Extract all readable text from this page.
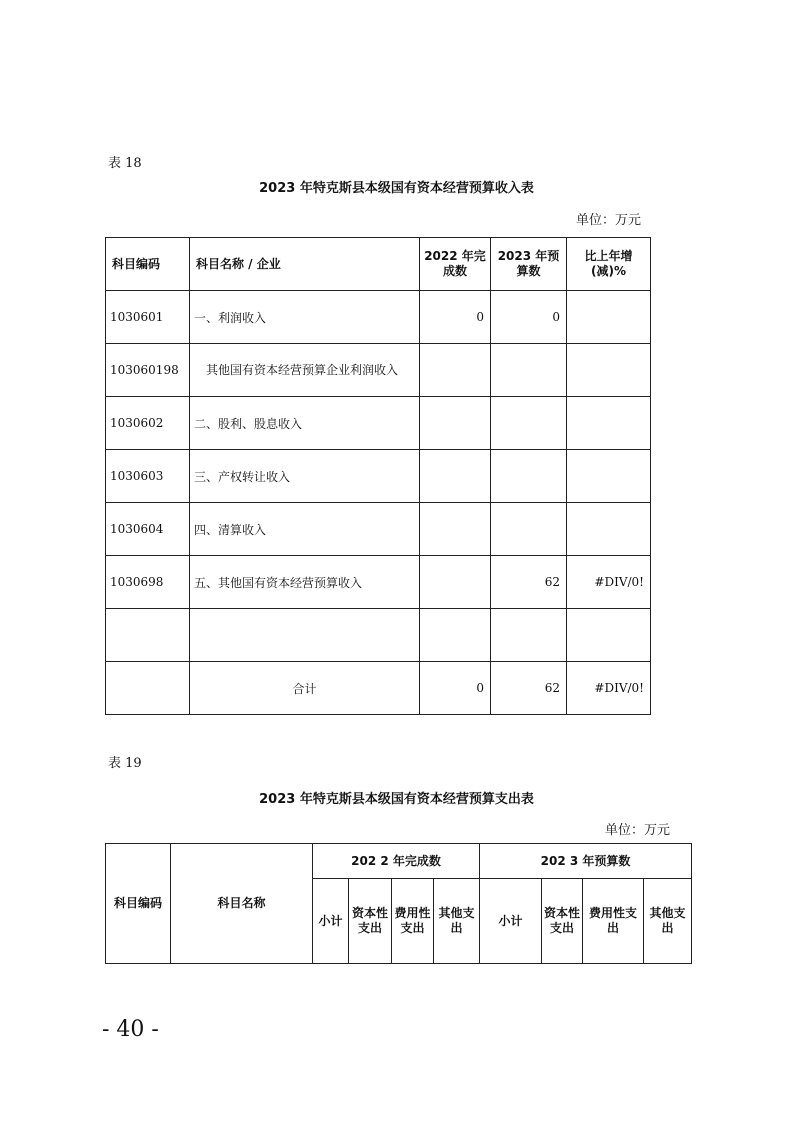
表 18
2023 年特克斯县本级国有资本经营预算收入表
单位：万元
科目编码	科目名称 / 企业	2022 年完成数	2023 年预算数	比上年增(减)%
1030601	一、利润收入	0	0	
103060198	其他国有资本经营预算企业利润收入			
1030602	二、股利、股息收入			
1030603	三、产权转让收入			
1030604	四、清算收入			
1030698	五、其他国有资本经营预算收入		62	#DIV/0!

	合计	0	62	#DIV/0!
表 19
2023 年特克斯县本级国有资本经营预算支出表
单位：万元
科目编码	科目名称	202 2 年完成数				202 3 年预算数			
		小计	资本性支出	费用性支出	其他支出	小计	资本性支出	费用性支出	其他支出
- 40 -
